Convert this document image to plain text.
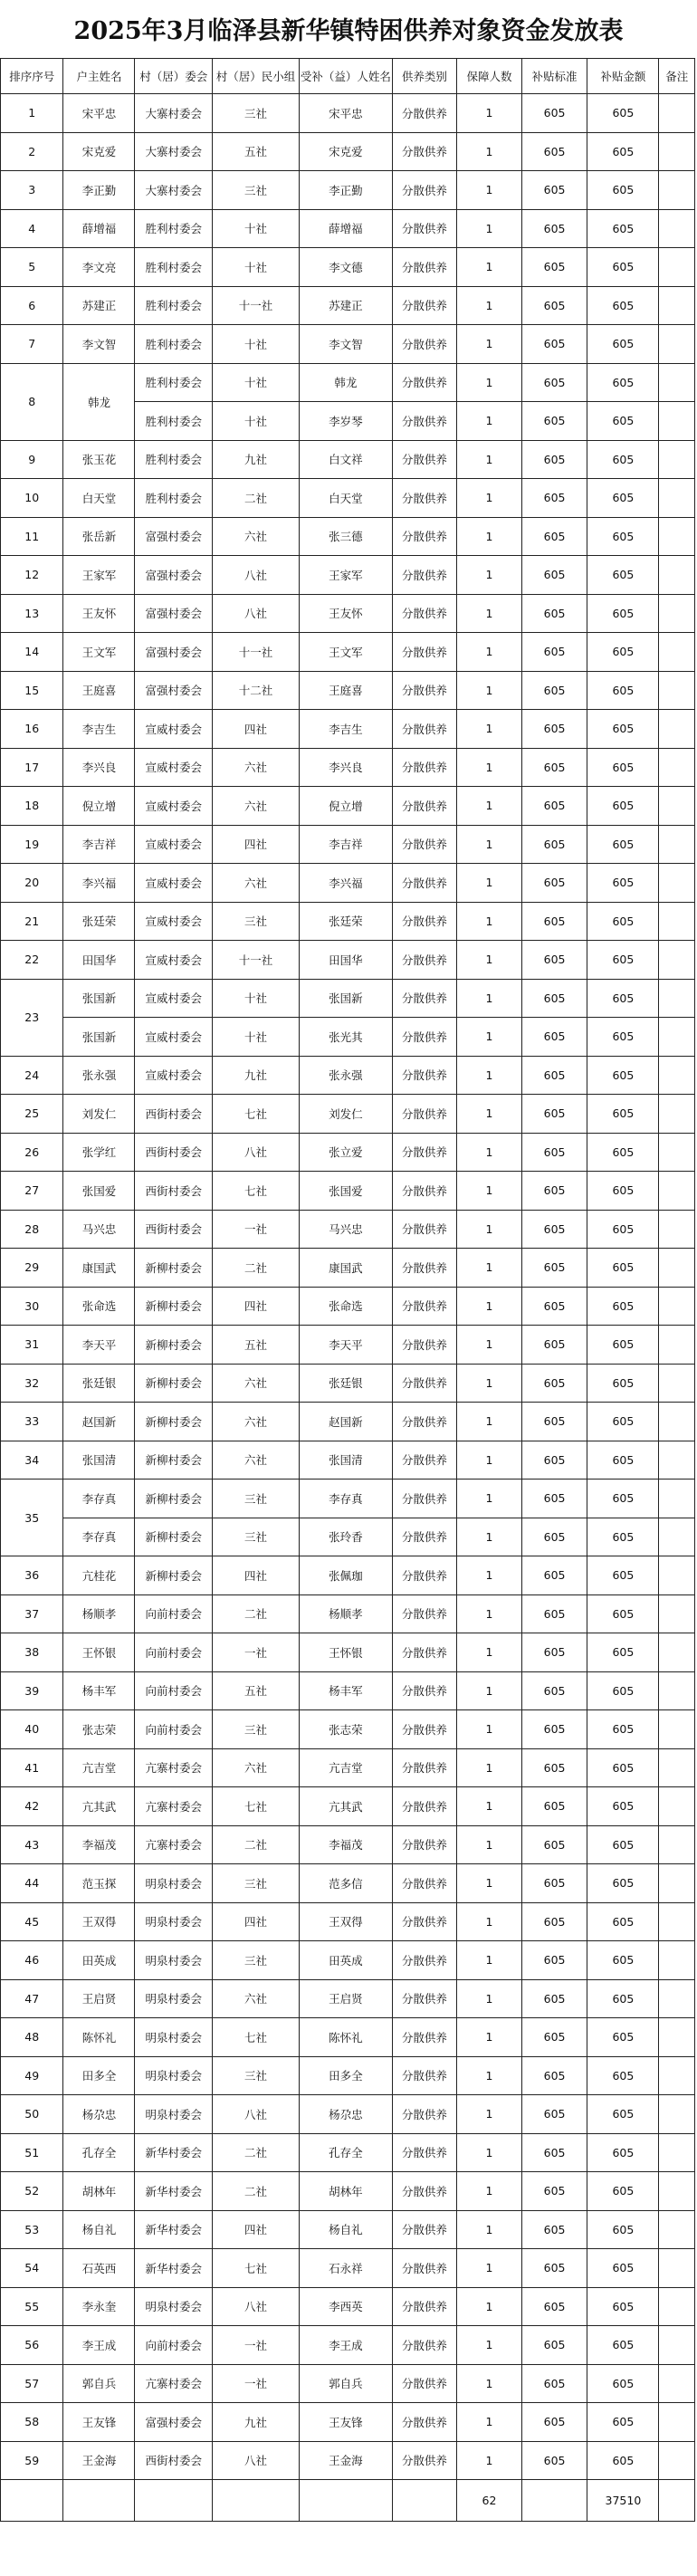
2025年3月临泽县新华镇特困供养对象资金发放表
排序序号	户主姓名	村（居）委会	村（居）民小组	受补（益）人姓名	供养类别	保障人数	补贴标准	补贴金额	备注
1	宋平忠	大寨村委会	三社	宋平忠	分散供养	1	605	605	
2	宋克爱	大寨村委会	五社	宋克爱	分散供养	1	605	605	
3	李正勤	大寨村委会	三社	李正勤	分散供养	1	605	605	
4	薛增福	胜利村委会	十社	薛增福	分散供养	1	605	605	
5	李文亮	胜利村委会	十社	李文德	分散供养	1	605	605	
6	苏建正	胜利村委会	十一社	苏建正	分散供养	1	605	605	
7	李文智	胜利村委会	十社	李文智	分散供养	1	605	605	
8	韩龙	胜利村委会	十社	韩龙	分散供养	1	605	605	
		胜利村委会	十社	李岁琴	分散供养	1	605	605	
9	张玉花	胜利村委会	九社	白文祥	分散供养	1	605	605	
10	白天堂	胜利村委会	二社	白天堂	分散供养	1	605	605	
11	张岳新	富强村委会	六社	张三德	分散供养	1	605	605	
12	王家军	富强村委会	八社	王家军	分散供养	1	605	605	
13	王友怀	富强村委会	八社	王友怀	分散供养	1	605	605	
14	王文军	富强村委会	十一社	王文军	分散供养	1	605	605	
15	王庭喜	富强村委会	十二社	王庭喜	分散供养	1	605	605	
16	李吉生	宣威村委会	四社	李吉生	分散供养	1	605	605	
17	李兴良	宣威村委会	六社	李兴良	分散供养	1	605	605	
18	倪立增	宣威村委会	六社	倪立增	分散供养	1	605	605	
19	李吉祥	宣威村委会	四社	李吉祥	分散供养	1	605	605	
20	李兴福	宣威村委会	六社	李兴福	分散供养	1	605	605	
21	张廷荣	宣威村委会	三社	张廷荣	分散供养	1	605	605	
22	田国华	宣威村委会	十一社	田国华	分散供养	1	605	605	
23	张国新	宣威村委会	十社	张国新	分散供养	1	605	605	
	张国新	宣威村委会	十社	张光其	分散供养	1	605	605	
24	张永强	宣威村委会	九社	张永强	分散供养	1	605	605	
25	刘发仁	西街村委会	七社	刘发仁	分散供养	1	605	605	
26	张学红	西街村委会	八社	张立爱	分散供养	1	605	605	
27	张国爱	西街村委会	七社	张国爱	分散供养	1	605	605	
28	马兴忠	西街村委会	一社	马兴忠	分散供养	1	605	605	
29	康国武	新柳村委会	二社	康国武	分散供养	1	605	605	
30	张命选	新柳村委会	四社	张命选	分散供养	1	605	605	
31	李天平	新柳村委会	五社	李天平	分散供养	1	605	605	
32	张廷银	新柳村委会	六社	张廷银	分散供养	1	605	605	
33	赵国新	新柳村委会	六社	赵国新	分散供养	1	605	605	
34	张国清	新柳村委会	六社	张国清	分散供养	1	605	605	
35	李存真	新柳村委会	三社	李存真	分散供养	1	605	605	
	李存真	新柳村委会	三社	张玲香	分散供养	1	605	605	
36	亢桂花	新柳村委会	四社	张佩珈	分散供养	1	605	605	
37	杨顺孝	向前村委会	二社	杨顺孝	分散供养	1	605	605	
38	王怀银	向前村委会	一社	王怀银	分散供养	1	605	605	
39	杨丰军	向前村委会	五社	杨丰军	分散供养	1	605	605	
40	张志荣	向前村委会	三社	张志荣	分散供养	1	605	605	
41	亢吉堂	亢寨村委会	六社	亢吉堂	分散供养	1	605	605	
42	亢其武	亢寨村委会	七社	亢其武	分散供养	1	605	605	
43	李福茂	亢寨村委会	二社	李福茂	分散供养	1	605	605	
44	范玉探	明泉村委会	三社	范多信	分散供养	1	605	605	
45	王双得	明泉村委会	四社	王双得	分散供养	1	605	605	
46	田英成	明泉村委会	三社	田英成	分散供养	1	605	605	
47	王启贤	明泉村委会	六社	王启贤	分散供养	1	605	605	
48	陈怀礼	明泉村委会	七社	陈怀礼	分散供养	1	605	605	
49	田多全	明泉村委会	三社	田多全	分散供养	1	605	605	
50	杨尕忠	明泉村委会	八社	杨尕忠	分散供养	1	605	605	
51	孔存全	新华村委会	二社	孔存全	分散供养	1	605	605	
52	胡林年	新华村委会	二社	胡林年	分散供养	1	605	605	
53	杨自礼	新华村委会	四社	杨自礼	分散供养	1	605	605	
54	石英西	新华村委会	七社	石永祥	分散供养	1	605	605	
55	李永奎	明泉村委会	八社	李西英	分散供养	1	605	605	
56	李王成	向前村委会	一社	李王成	分散供养	1	605	605	
57	郭自兵	亢寨村委会	一社	郭自兵	分散供养	1	605	605	
58	王友锋	富强村委会	九社	王友锋	分散供养	1	605	605	
59	王金海	西街村委会	八社	王金海	分散供养	1	605	605	
						62		37510	
